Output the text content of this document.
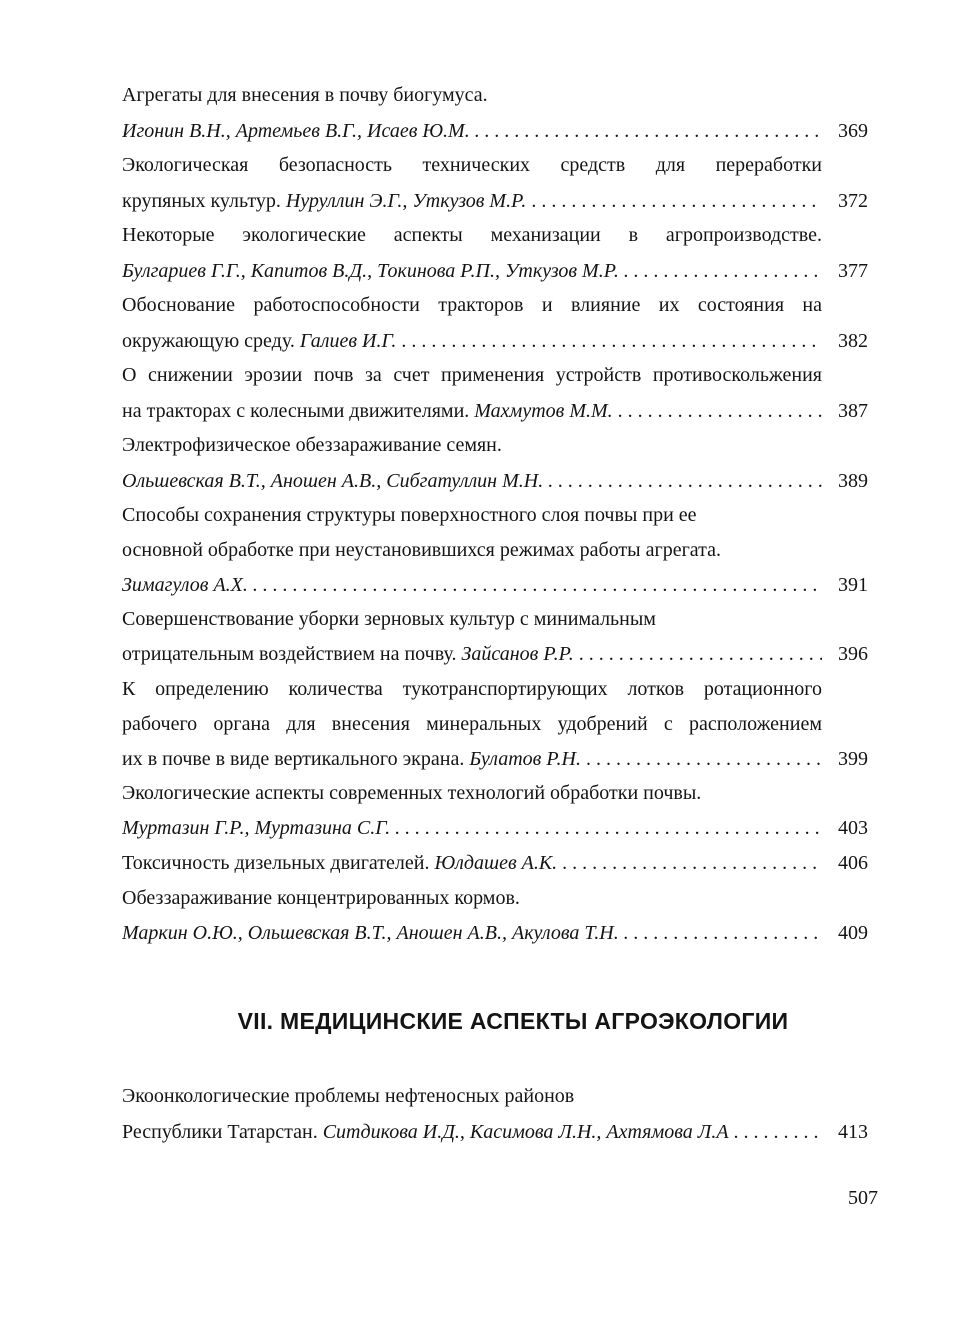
Агрегаты для внесения в почву биогумуса.
Игонин В.Н., Артемьев В.Г., Исаев Ю.М. . . .	369
Экологическая безопасность технических средств для переработки
крупяных культур. Нуруллин Э.Г., Уткузов М.Р. . . .	372
Некоторые экологические аспекты механизации в агропроизводстве.
Булгариев Г.Г., Капитов В.Д., Токинова Р.П., Уткузов М.Р. . . .	377
Обоснование работоспособности тракторов и влияние их состояния на
окружающую среду. Галиев И.Г. . . .	382
О снижении эрозии почв за счет применения устройств противоскольжения
на тракторах с колесными движителями. Махмутов М.М. . . .	387
Электрофизическое обеззараживание семян.
Ольшевская В.Т., Аношен А.В., Сибгатуллин М.Н. . . .	389
Способы сохранения структуры поверхностного слоя почвы при ее
основной обработке при неустановившихся режимах работы агрегата.
Зимагулов А.Х. . . .	391
Совершенствование уборки зерновых культур с минимальным
отрицательным воздействием на почву. Зайсанов Р.Р. . . .	396
К определению количества тукотранспортирующих лотков ротационного
рабочего органа для внесения минеральных удобрений с расположением
их в почве в виде вертикального экрана. Булатов Р.Н. . . .	399
Экологические аспекты современных технологий обработки почвы.
Муртазин Г.Р., Муртазина С.Г. . . .	403
Токсичность дизельных двигателей. Юлдашев А.К. . . .	406
Обеззараживание концентрированных кормов.
Маркин О.Ю., Ольшевская В.Т., Аношен А.В., Акулова Т.Н. . . .	409
VII. МЕДИЦИНСКИЕ АСПЕКТЫ АГРОЭКОЛОГИИ
Экоонкологические проблемы нефтеносных районов
Республики Татарстан. Ситдикова И.Д., Касимова Л.Н., Ахтямова Л.А . . .	413
507
